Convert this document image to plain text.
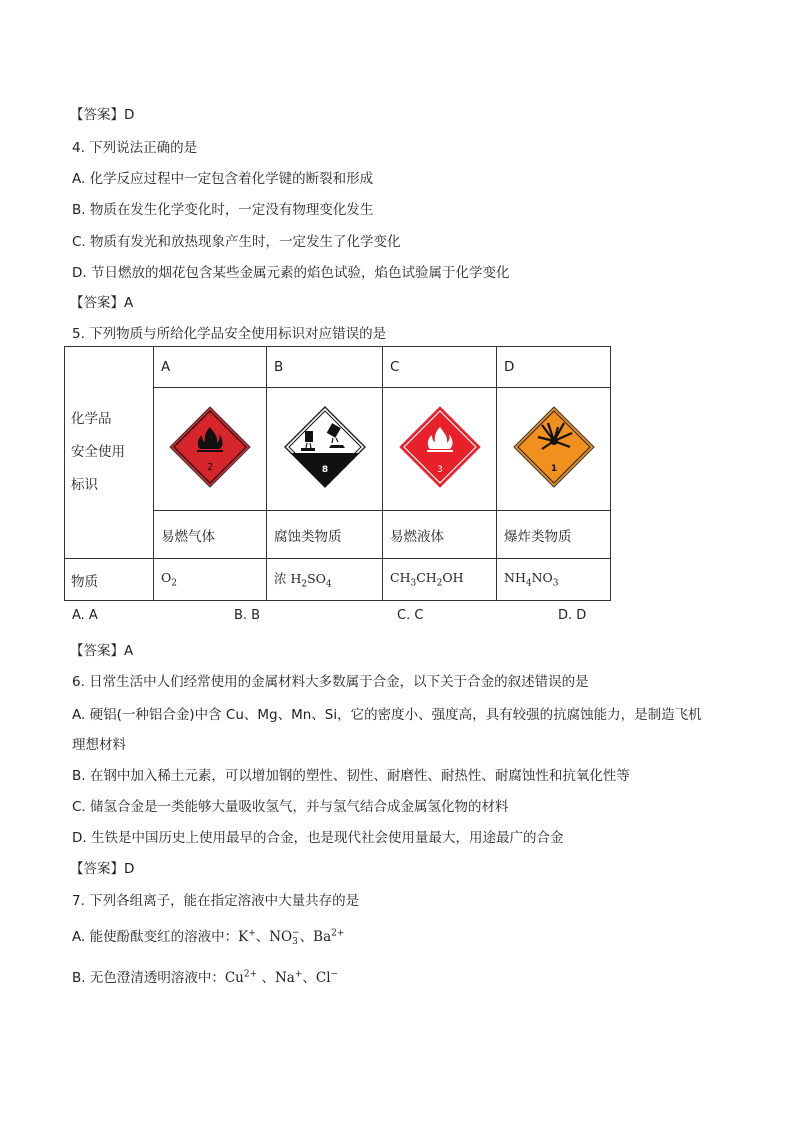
【答案】D
4. 下列说法正确的是
A. 化学反应过程中一定包含着化学键的断裂和形成
B. 物质在发生化学变化时，一定没有物理变化发生
C. 物质有发光和放热现象产生时，一定发生了化学变化
D. 节日燃放的烟花包含某些金属元素的焰色试验，焰色试验属于化学变化
【答案】A
5. 下列物质与所给化学品安全使用标识对应错误的是
化学品
安全使用
标识	A	B	C	D

2	8	3	1

	易燃气体	腐蚀类物质	易燃液体	爆炸类物质
物质	$O_2$	浓 $H_2SO_4$	$CH_3CH_2OH$	$NH_4NO_3$
A. A	B. B	C. C	D. D
【答案】A
6. 日常生活中人们经常使用的金属材料大多数属于合金，以下关于合金的叙述错误的是
A. 硬铝(一种铝合金)中含 Cu、Mg、Mn、Si，它的密度小、强度高，具有较强的抗腐蚀能力，是制造飞机
理想材料
B. 在钢中加入稀土元素，可以增加钢的塑性、韧性、耐磨性、耐热性、耐腐蚀性和抗氧化性等
C. 储氢合金是一类能够大量吸收氢气，并与氢气结合成金属氢化物的材料
D. 生铁是中国历史上使用最早的合金，也是现代社会使用量最大，用途最广的合金
【答案】D
7. 下列各组离子，能在指定溶液中大量共存的是
A. 能使酚酞变红的溶液中：K+、NO −
3 、$Ba^{2+}$
B. 无色澄清透明溶液中：$Cu^{2+}$ 、Na+、Cl−
